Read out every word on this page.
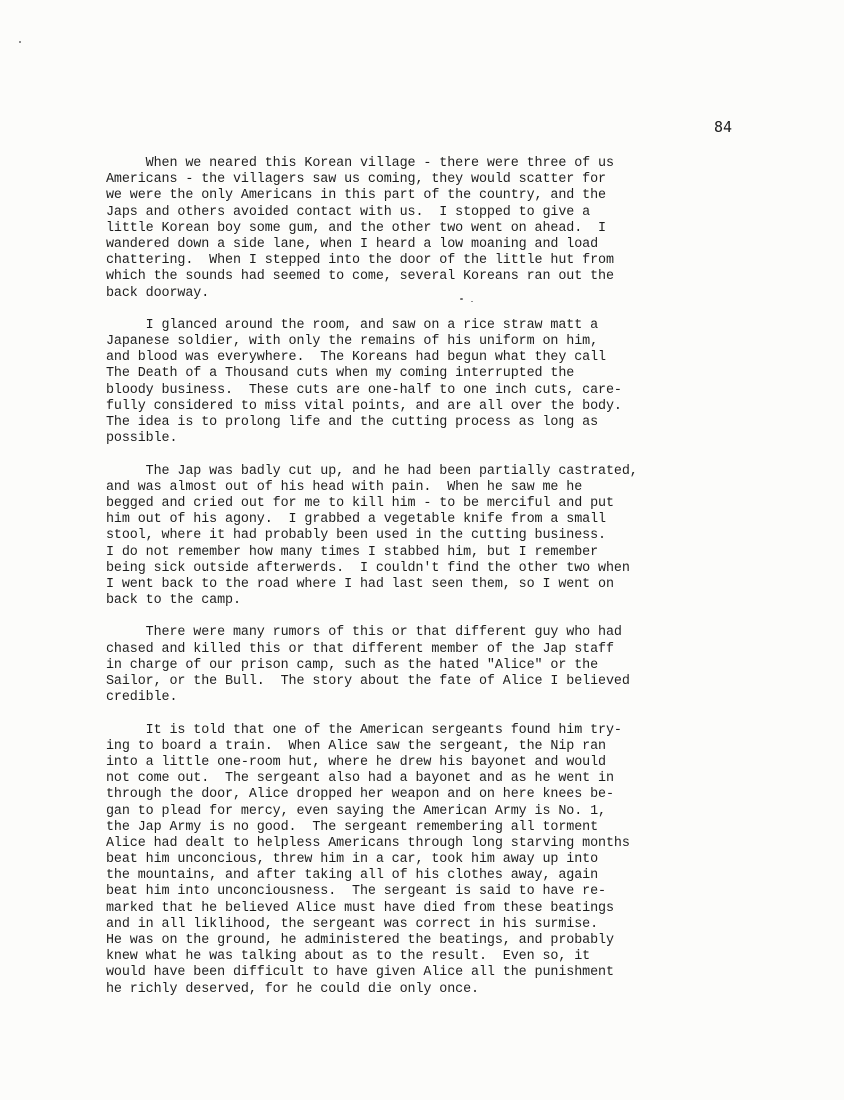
84

When we neared this Korean village - there were three of us
Americans - the villagers saw us coming, they would scatter for
we were the only Americans in this part of the country, and the
Japs and others avoided contact with us.  I stopped to give a
little Korean boy some gum, and the other two went on ahead.  I
wandered down a side lane, when I heard a low moaning and load
chattering.  When I stepped into the door of the little hut from
which the sounds had seemed to come, several Koreans ran out the
back doorway.
I glanced around the room, and saw on a rice straw matt a
Japanese soldier, with only the remains of his uniform on him,
and blood was everywhere.  The Koreans had begun what they call
The Death of a Thousand cuts when my coming interrupted the
bloody business.  These cuts are one-half to one inch cuts, care-
fully considered to miss vital points, and are all over the body.
The idea is to prolong life and the cutting process as long as
possible.
The Jap was badly cut up, and he had been partially castrated,
and was almost out of his head with pain.  When he saw me he
begged and cried out for me to kill him - to be merciful and put
him out of his agony.  I grabbed a vegetable knife from a small
stool, where it had probably been used in the cutting business.
I do not remember how many times I stabbed him, but I remember
being sick outside afterwerds.  I couldn't find the other two when
I went back to the road where I had last seen them, so I went on
back to the camp.
There were many rumors of this or that different guy who had
chased and killed this or that different member of the Jap staff
in charge of our prison camp, such as the hated "Alice" or the
Sailor, or the Bull.  The story about the fate of Alice I believed
credible.
It is told that one of the American sergeants found him try-
ing to board a train.  When Alice saw the sergeant, the Nip ran
into a little one-room hut, where he drew his bayonet and would
not come out.  The sergeant also had a bayonet and as he went in
through the door, Alice dropped her weapon and on here knees be-
gan to plead for mercy, even saying the American Army is No. 1,
the Jap Army is no good.  The sergeant remembering all torment
Alice had dealt to helpless Americans through long starving months
beat him unconcious, threw him in a car, took him away up into
the mountains, and after taking all of his clothes away, again
beat him into unconciousness.  The sergeant is said to have re-
marked that he believed Alice must have died from these beatings
and in all liklihood, the sergeant was correct in his surmise.
He was on the ground, he administered the beatings, and probably
knew what he was talking about as to the result.  Even so, it
would have been difficult to have given Alice all the punishment
he richly deserved, for he could die only once.
